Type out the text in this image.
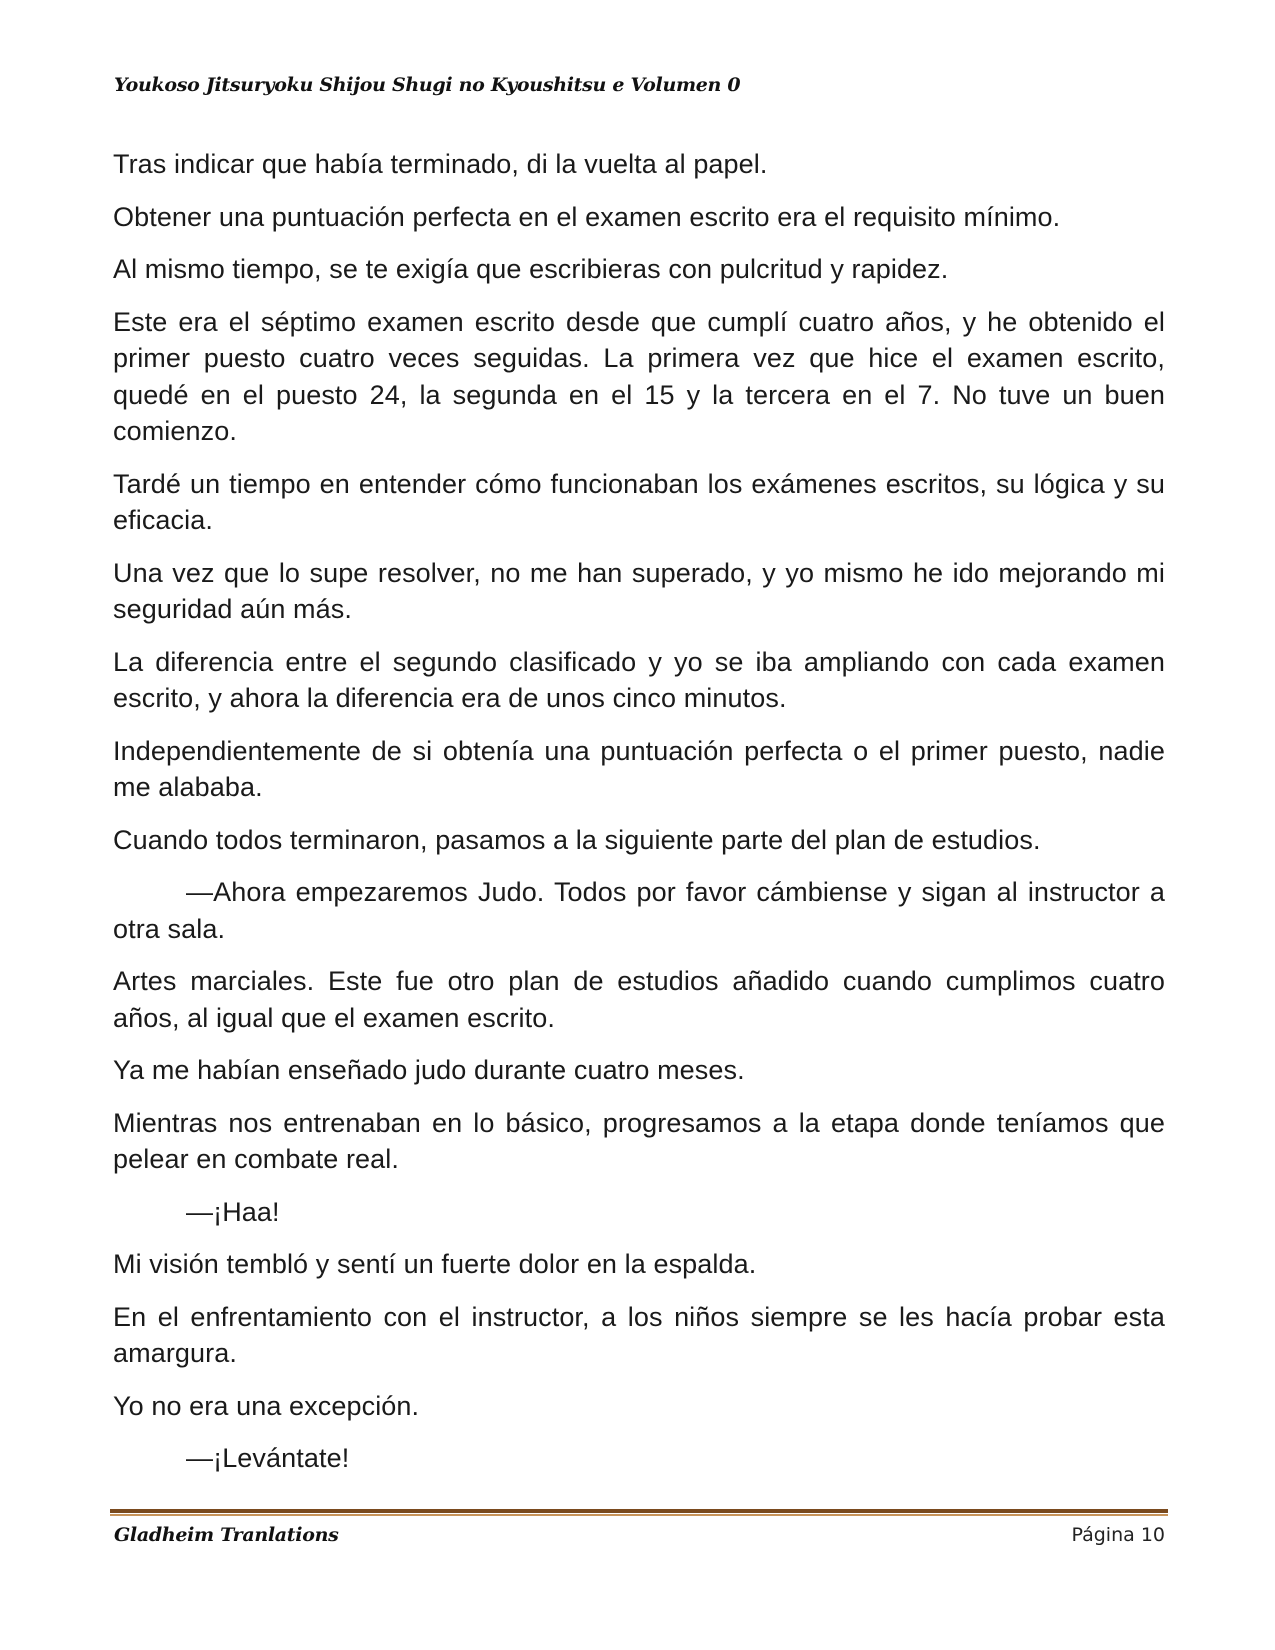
Youkoso Jitsuryoku Shijou Shugi no Kyoushitsu e Volumen 0

Tras indicar que había terminado, di la vuelta al papel.

Obtener una puntuación perfecta en el examen escrito era el requisito mínimo.

Al mismo tiempo, se te exigía que escribieras con pulcritud y rapidez.

Este era el séptimo examen escrito desde que cumplí cuatro años, y he obtenido el primer puesto cuatro veces seguidas. La primera vez que hice el examen escrito, quedé en el puesto 24, la segunda en el 15 y la tercera en el 7. No tuve un buen comienzo.

Tardé un tiempo en entender cómo funcionaban los exámenes escritos, su lógica y su eficacia.

Una vez que lo supe resolver, no me han superado, y yo mismo he ido mejorando mi seguridad aún más.

La diferencia entre el segundo clasificado y yo se iba ampliando con cada examen escrito, y ahora la diferencia era de unos cinco minutos.

Independientemente de si obtenía una puntuación perfecta o el primer puesto, nadie me alababa.

Cuando todos terminaron, pasamos a la siguiente parte del plan de estudios.

—Ahora empezaremos Judo. Todos por favor cámbiense y sigan al instructor a otra sala.

Artes marciales. Este fue otro plan de estudios añadido cuando cumplimos cuatro años, al igual que el examen escrito.

Ya me habían enseñado judo durante cuatro meses.

Mientras nos entrenaban en lo básico, progresamos a la etapa donde teníamos que pelear en combate real.

—¡Haa!

Mi visión tembló y sentí un fuerte dolor en la espalda.

En el enfrentamiento con el instructor, a los niños siempre se les hacía probar esta amargura.

Yo no era una excepción.

—¡Levántate!

Gladheim Tranlations	Página 10
